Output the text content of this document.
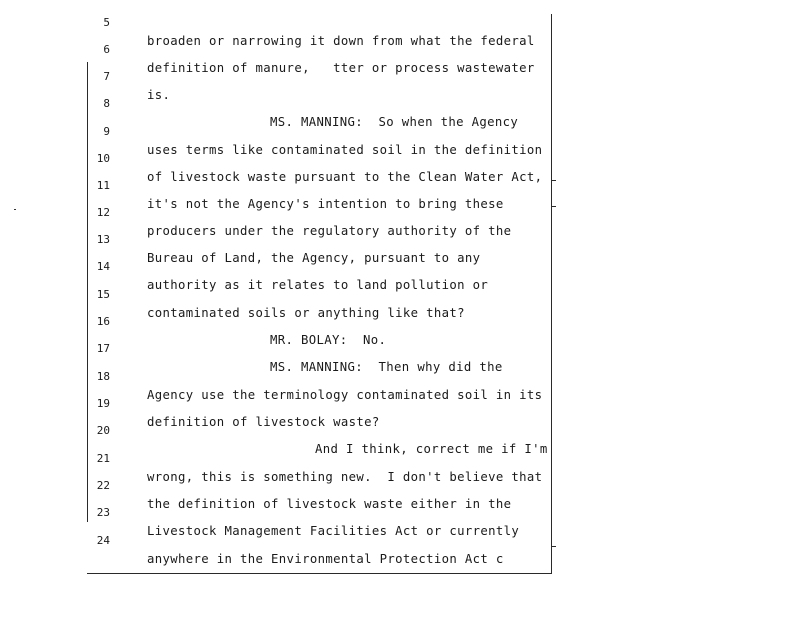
5

broaden or narrowing it down from what the federal

6

definition of manure,   tter or process wastewater

7

is.

8

MS. MANNING:  So when the Agency

9

uses terms like contaminated soil in the definition

10

of livestock waste pursuant to the Clean Water Act,

11

it's not the Agency's intention to bring these

12

producers under the regulatory authority of the

13

Bureau of Land, the Agency, pursuant to any

14

authority as it relates to land pollution or

15

contaminated soils or anything like that?

16

MR. BOLAY:  No.

17

MS. MANNING:  Then why did the

18

Agency use the terminology contaminated soil in its

19

definition of livestock waste?

20

And I think, correct me if I'm

21

wrong, this is something new.  I don't believe that

22

the definition of livestock waste either in the

23

Livestock Management Facilities Act or currently

24

anywhere in the Environmental Protection Act c
